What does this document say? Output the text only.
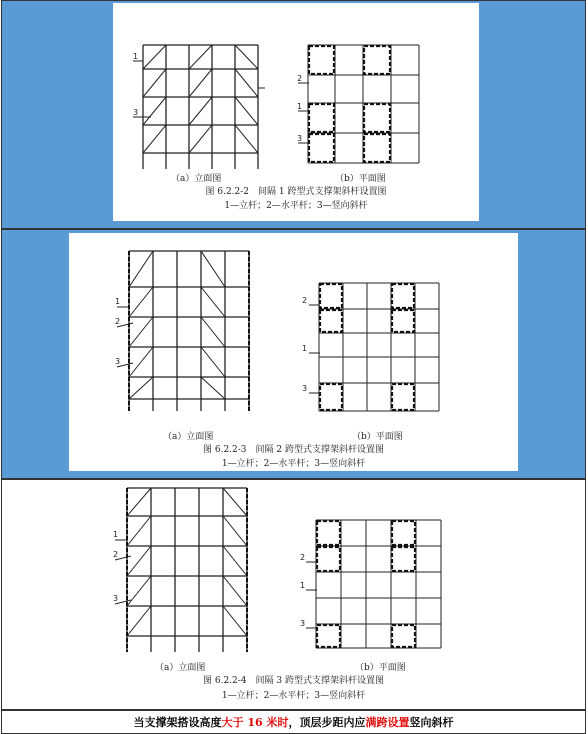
1
3
2
1
3
（a）立面图	（b）平面图
图 6.2.2-2　间隔 1 跨型式支撑架斜杆设置图
1—立杆；2—水平杆；3—竖向斜杆
1
2
3
2
1
3
（a）立面图	（b）平面图
图 6.2.2-3　间隔 2 跨型式支撑架斜杆设置图
1—立杆；2—水平杆；3—竖向斜杆
1
2
3
2
1
3
（a）立面图	（b）平面图
图 6.2.2-4　间隔 3 跨型式支撑架斜杆设置图
1—立杆；2—水平杆；3—竖向斜杆
当支撑架搭设高度大于 16 米时，顶层步距内应满跨设置竖向斜杆
